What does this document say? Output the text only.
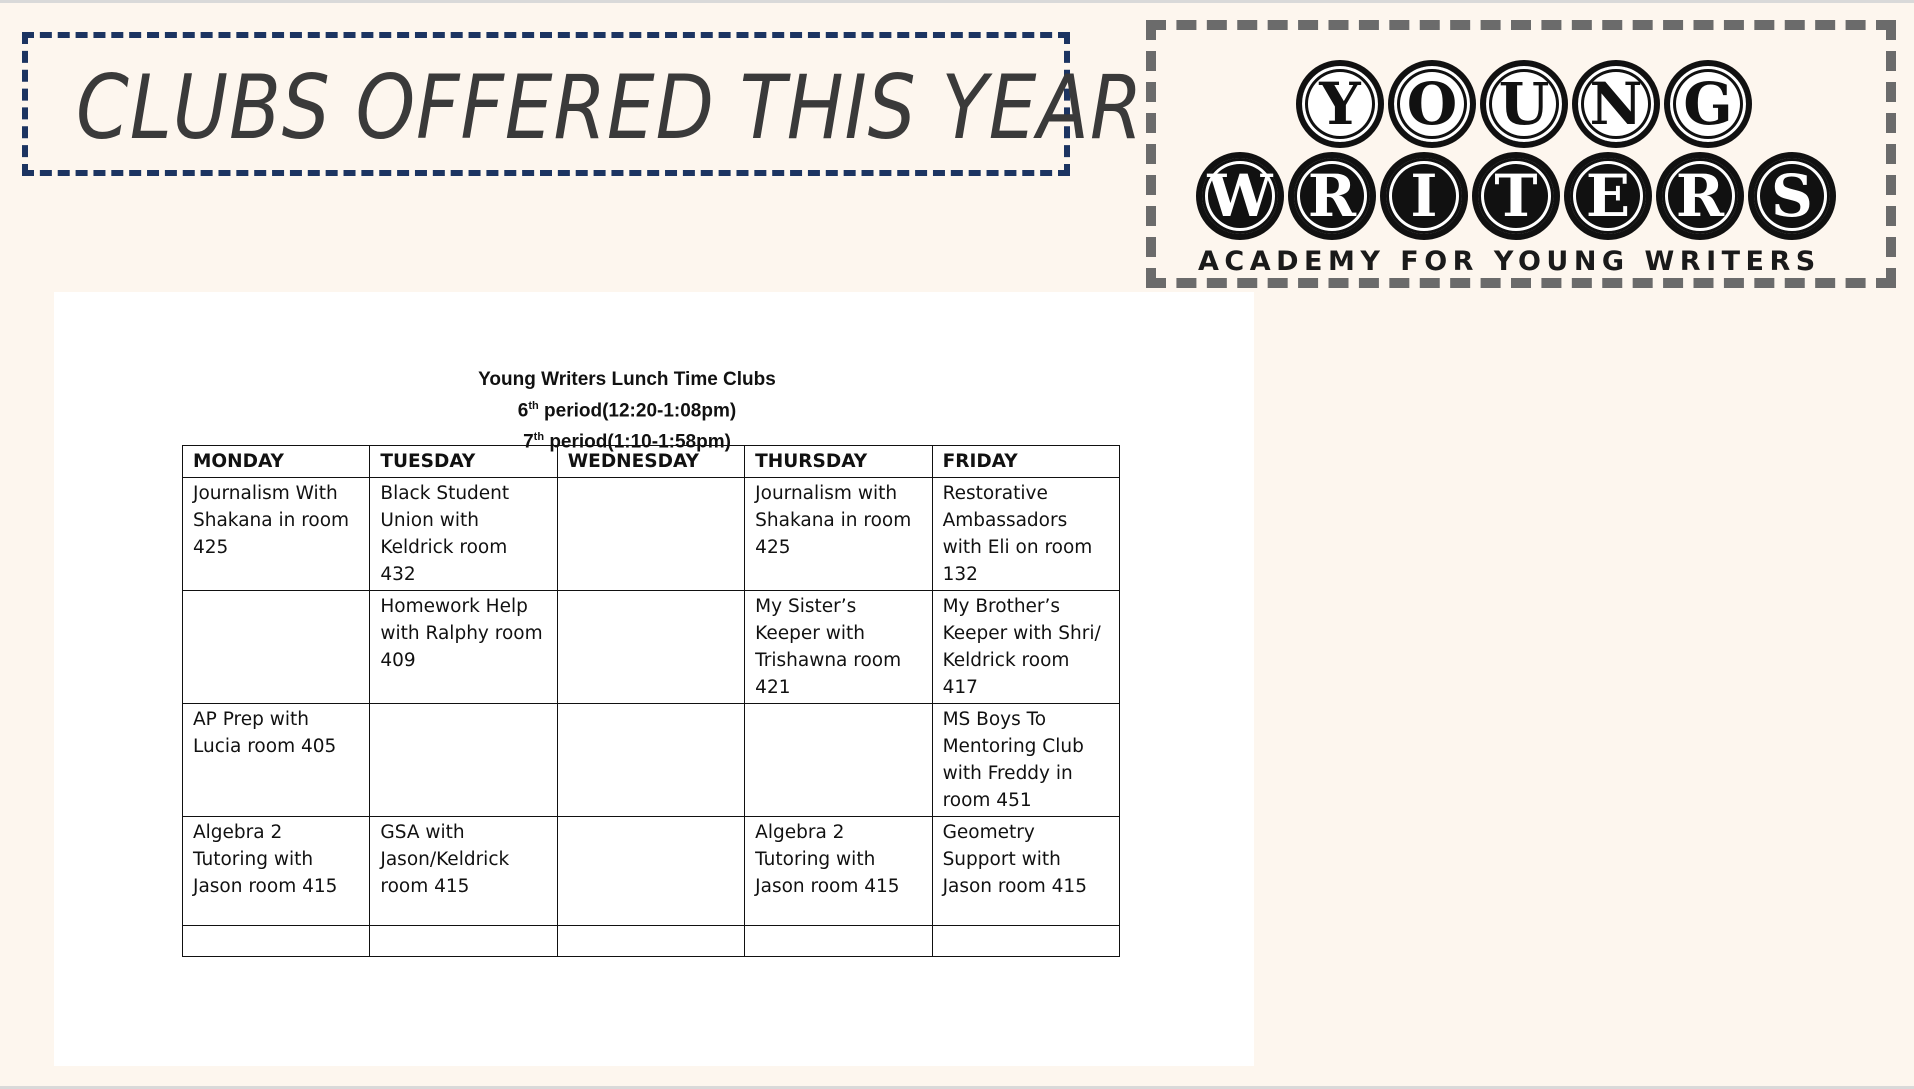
CLUBS OFFERED THIS YEAR	Y O U N G
W R I T E R S
ACADEMY FOR YOUNG WRITERS
Young Writers Lunch Time Clubs
6th period(12:20-1:08pm)
7th period(1:10-1:58pm)
MONDAY	TUESDAY	WEDNESDAY	THURSDAY	FRIDAY
Journalism With Shakana in room 425	Black Student Union with Keldrick room 432		Journalism with Shakana in room 425	Restorative Ambassadors with Eli on room 132
	Homework Help with Ralphy room 409		My Sister’s Keeper with Trishawna room 421	My Brother’s Keeper with Shri/ Keldrick room 417
AP Prep with Lucia room 405				MS Boys To Mentoring Club with Freddy in room 451
Algebra 2 Tutoring with Jason room 415	GSA with Jason/Keldrick room 415		Algebra 2 Tutoring with Jason room 415	Geometry Support with Jason room 415
